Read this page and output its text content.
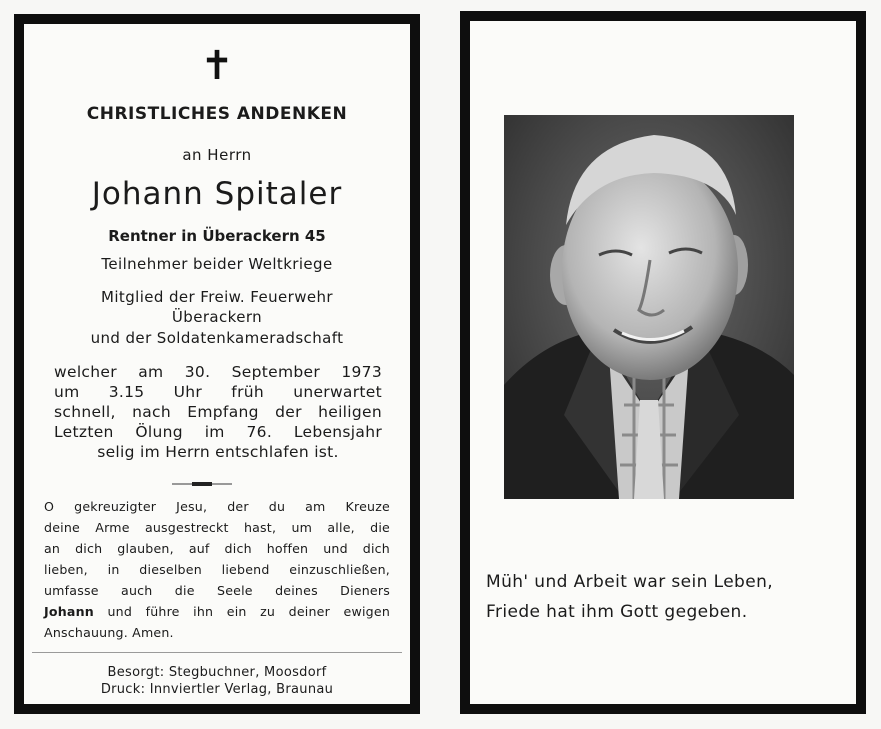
✝
CHRISTLICHES ANDENKEN
an Herrn
Johann Spitaler
Rentner in Überackern 45
Teilnehmer beider Weltkriege
Mitglied der Freiw. Feuerwehr
Überackern
und der Soldatenkameradschaft
welcher am 30. September 1973
um 3.15 Uhr früh unerwartet
schnell, nach Empfang der heiligen
Letzten Ölung im 76. Lebensjahr
selig im Herrn entschlafen ist.
O gekreuzigter Jesu, der du am Kreuze
deine Arme ausgestreckt hast, um alle, die
an dich glauben, auf dich hoffen und dich
lieben, in dieselben liebend einzuschließen,
umfasse auch die Seele deines Dieners
Johann und führe ihn ein zu deiner ewigen
Anschauung. Amen.
Besorgt: Stegbuchner, Moosdorf
Druck: Innviertler Verlag, Braunau
Müh' und Arbeit war sein Leben,
Friede hat ihm Gott gegeben.
